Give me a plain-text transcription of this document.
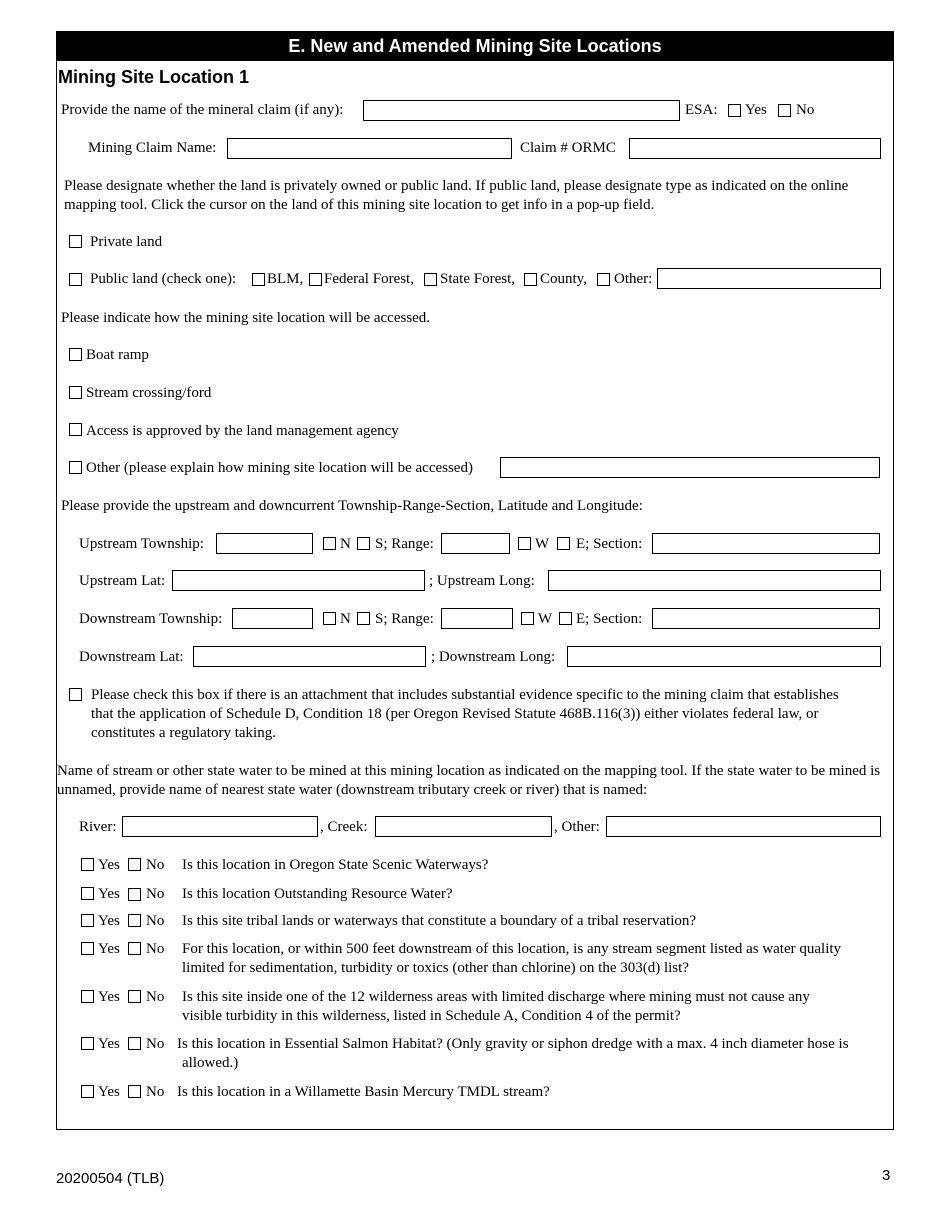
E. New and Amended Mining Site Locations
Mining Site Location 1
Provide the name of the mineral claim (if any):	ESA: Yes No
Mining Claim Name:	Claim # ORMC
Please designate whether the land is privately owned or public land. If public land, please designate type as indicated on the online mapping tool. Click the cursor on the land of this mining site location to get info in a pop-up field.
Private land
Public land (check one): BLM, Federal Forest, State Forest, County, Other:
Please indicate how the mining site location will be accessed.
Boat ramp
Stream crossing/ford
Access is approved by the land management agency
Other (please explain how mining site location will be accessed)
Please provide the upstream and downcurrent Township-Range-Section, Latitude and Longitude:
Upstream Township:	N S; Range:	W E; Section:
Upstream Lat:	; Upstream Long:
Downstream Township:	N S; Range:	W E; Section:
Downstream Lat:	; Downstream Long:
Please check this box if there is an attachment that includes substantial evidence specific to the mining claim that establishes that the application of Schedule D, Condition 18 (per Oregon Revised Statute 468B.116(3)) either violates federal law, or constitutes a regulatory taking.
Name of stream or other state water to be mined at this mining location as indicated on the mapping tool. If the state water to be mined is unnamed, provide name of nearest state water (downstream tributary creek or river) that is named:
River:	, Creek:	, Other:
Yes No Is this location in Oregon State Scenic Waterways?
Yes No Is this location Outstanding Resource Water?
Yes No Is this site tribal lands or waterways that constitute a boundary of a tribal reservation?
Yes No For this location, or within 500 feet downstream of this location, is any stream segment listed as water quality
limited for sedimentation, turbidity or toxics (other than chlorine) on the 303(d) list?
Yes No Is this site inside one of the 12 wilderness areas with limited discharge where mining must not cause any
visible turbidity in this wilderness, listed in Schedule A, Condition 4 of the permit?
Yes No Is this location in Essential Salmon Habitat? (Only gravity or siphon dredge with a max. 4 inch diameter hose is
allowed.)
Yes No Is this location in a Willamette Basin Mercury TMDL stream?
20200504 (TLB)	3
